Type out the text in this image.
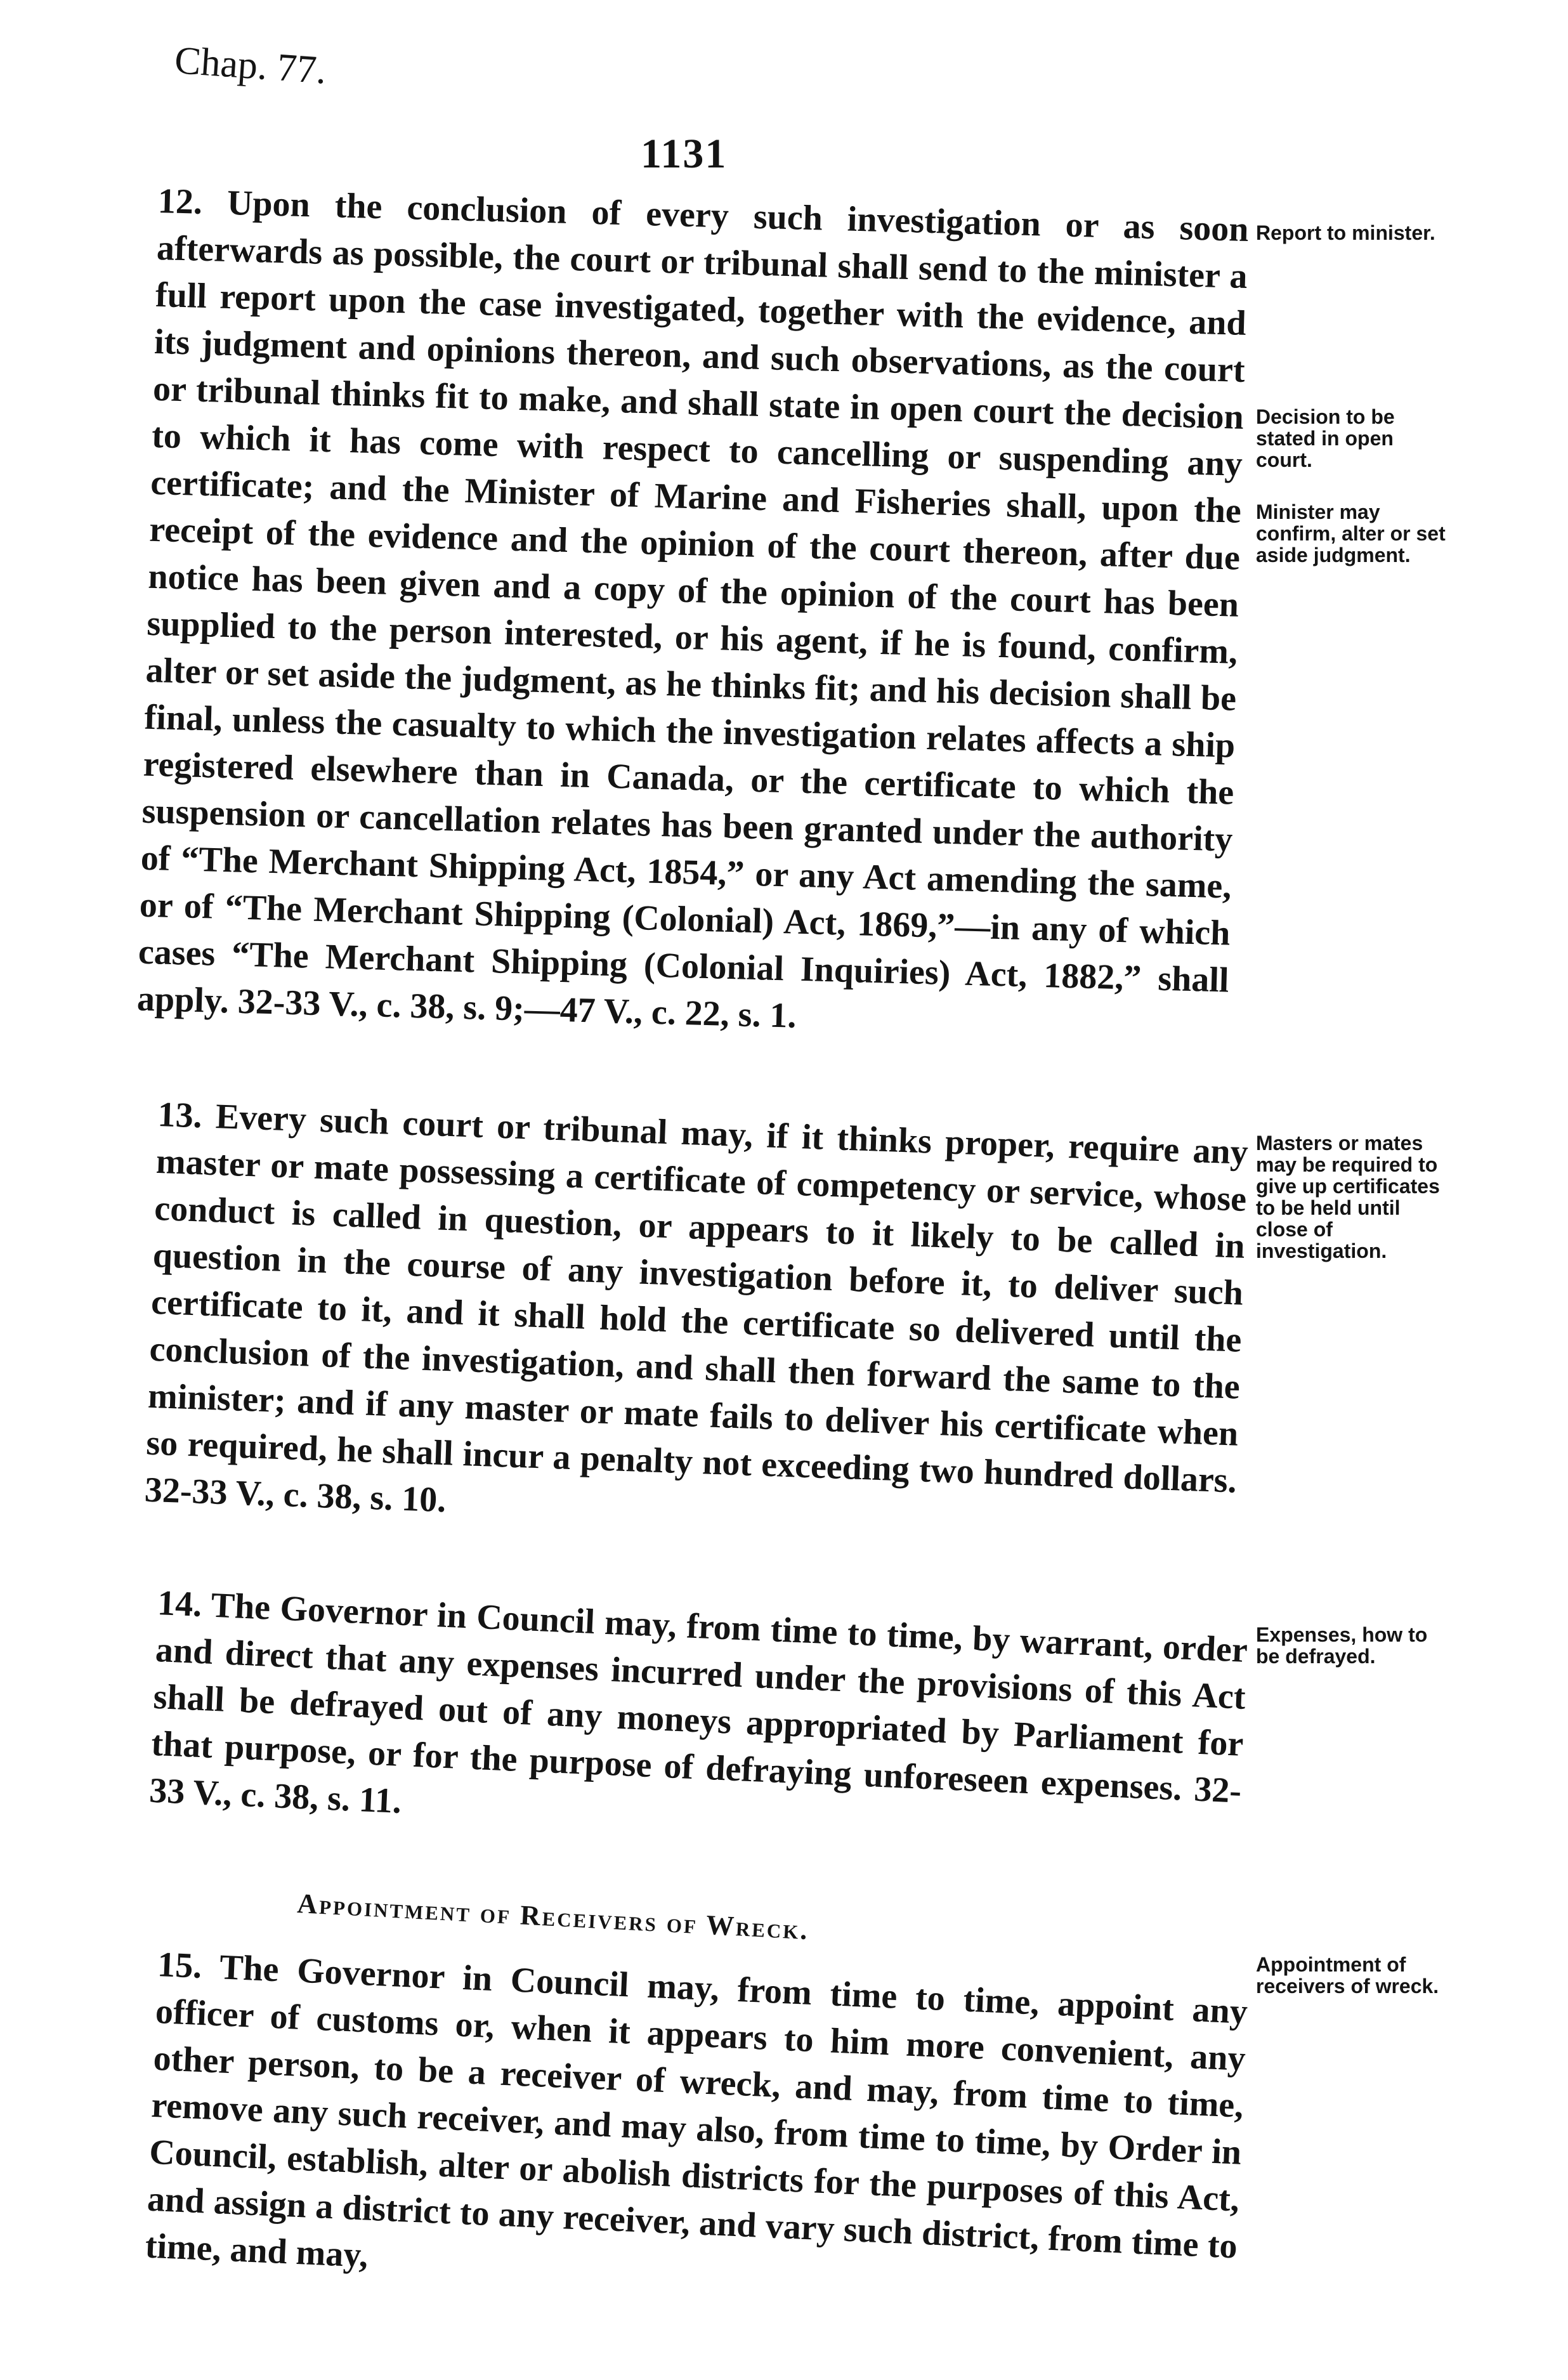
Chap. 77.
1131
12. Upon the conclusion of every such investigation or as soon afterwards as possible, the court or tribunal shall send to the minister a full report upon the case investigated, together with the evidence, and its judgment and opinions thereon, and such observations, as the court or tribunal thinks fit to make, and shall state in open court the decision to which it has come with respect to cancelling or suspending any certificate; and the Minister of Marine and Fisheries shall, upon the receipt of the evidence and the opinion of the court thereon, after due notice has been given and a copy of the opinion of the court has been supplied to the person interested, or his agent, if he is found, confirm, alter or set aside the judgment, as he thinks fit; and his decision shall be final, unless the casualty to which the investigation relates affects a ship registered elsewhere than in Canada, or the certificate to which the suspension or cancellation relates has been granted under the authority of “The Merchant Shipping Act, 1854,” or any Act amending the same, or of “The Merchant Shipping (Colonial) Act, 1869,”—in any of which cases “The Merchant Shipping (Colonial Inquiries) Act, 1882,” shall apply. 32-33 V., c. 38, s. 9;—47 V., c. 22, s. 1.
13. Every such court or tribunal may, if it thinks proper, require any master or mate possessing a certificate of competency or service, whose conduct is called in question, or appears to it likely to be called in question in the course of any investigation before it, to deliver such certificate to it, and it shall hold the certificate so delivered until the conclusion of the investigation, and shall then forward the same to the minister; and if any master or mate fails to deliver his certificate when so required, he shall incur a penalty not exceeding two hundred dollars. 32-33 V., c. 38, s. 10.
14. The Governor in Council may, from time to time, by warrant, order and direct that any expenses incurred under the provisions of this Act shall be defrayed out of any moneys appropriated by Parliament for that purpose, or for the purpose of defraying unforeseen expenses. 32-33 V., c. 38, s. 11.
Appointment of Receivers of Wreck.
15. The Governor in Council may, from time to time, appoint any officer of customs or, when it appears to him more convenient, any other person, to be a receiver of wreck, and may, from time to time, remove any such receiver, and may also, from time to time, by Order in Council, establish, alter or abolish districts for the purposes of this Act, and assign a district to any receiver, and vary such district, from time to time, and may,
Report to minister.
Decision to be stated in open court.
Minister may confirm, alter or set aside judgment.
Masters or mates may be required to give up certificates to be held until close of investigation.
Expenses, how to be defrayed.
Appointment of receivers of wreck.
